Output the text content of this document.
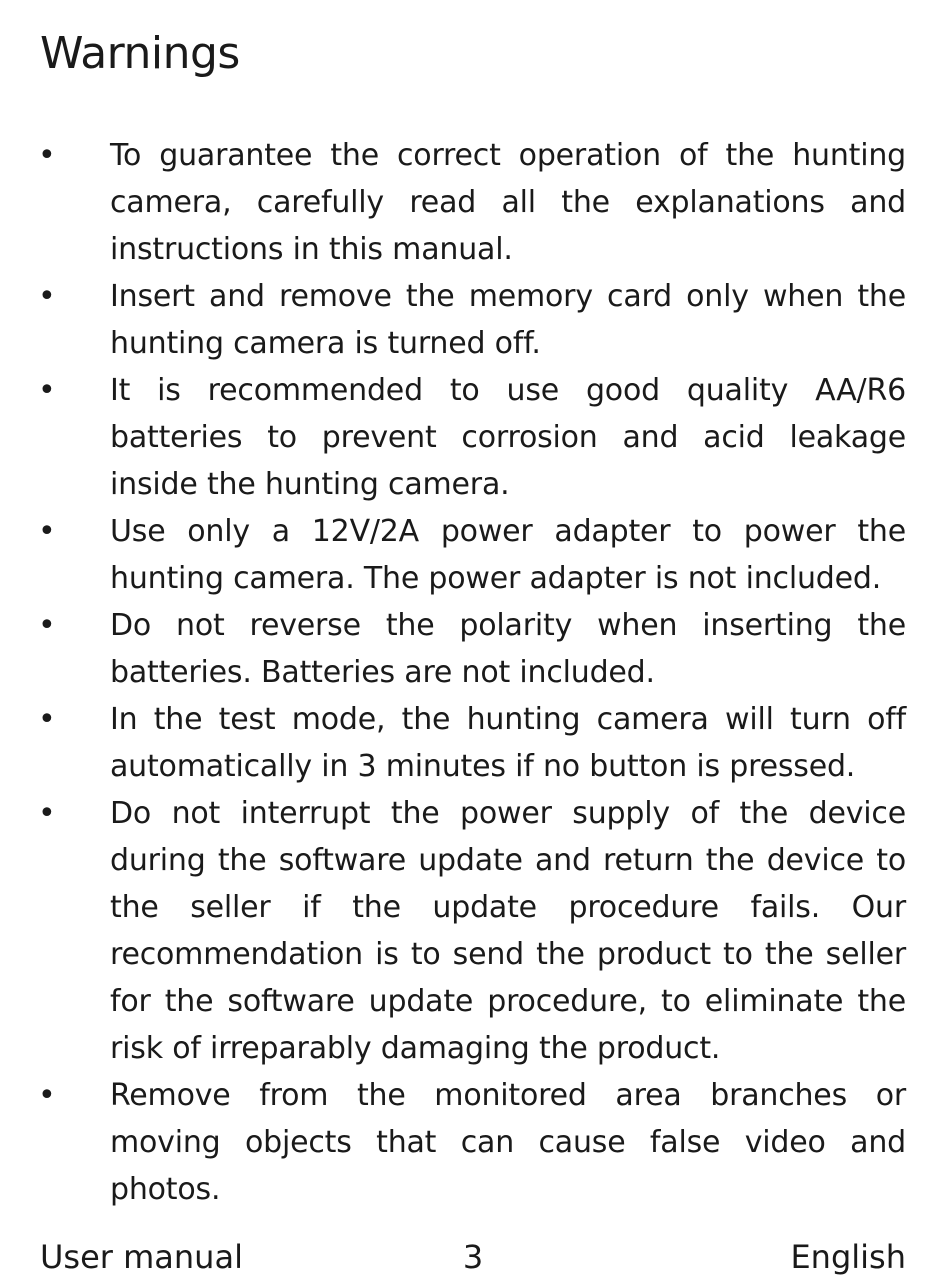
Warnings
• To guarantee the correct operation of the hunting camera, carefully read all the explanations and instructions in this manual.
• Insert and remove the memory card only when the hunting camera is turned off.
• It is recommended to use good quality AA/R6 batteries to prevent corrosion and acid leakage inside the hunting camera.
• Use only a 12V/2A power adapter to power the hunting camera. The power adapter is not included.
• Do not reverse the polarity when inserting the batteries. Batteries are not included.
• In the test mode, the hunting camera will turn off automatically in 3 minutes if no button is pressed.
• Do not interrupt the power supply of the device during the software update and return the device to the seller if the update procedure fails. Our recommendation is to send the product to the seller for the software update procedure, to eliminate the risk of irreparably damaging the product.
• Remove from the monitored area branches or moving objects that can cause false video and photos.
User manual	3	English
